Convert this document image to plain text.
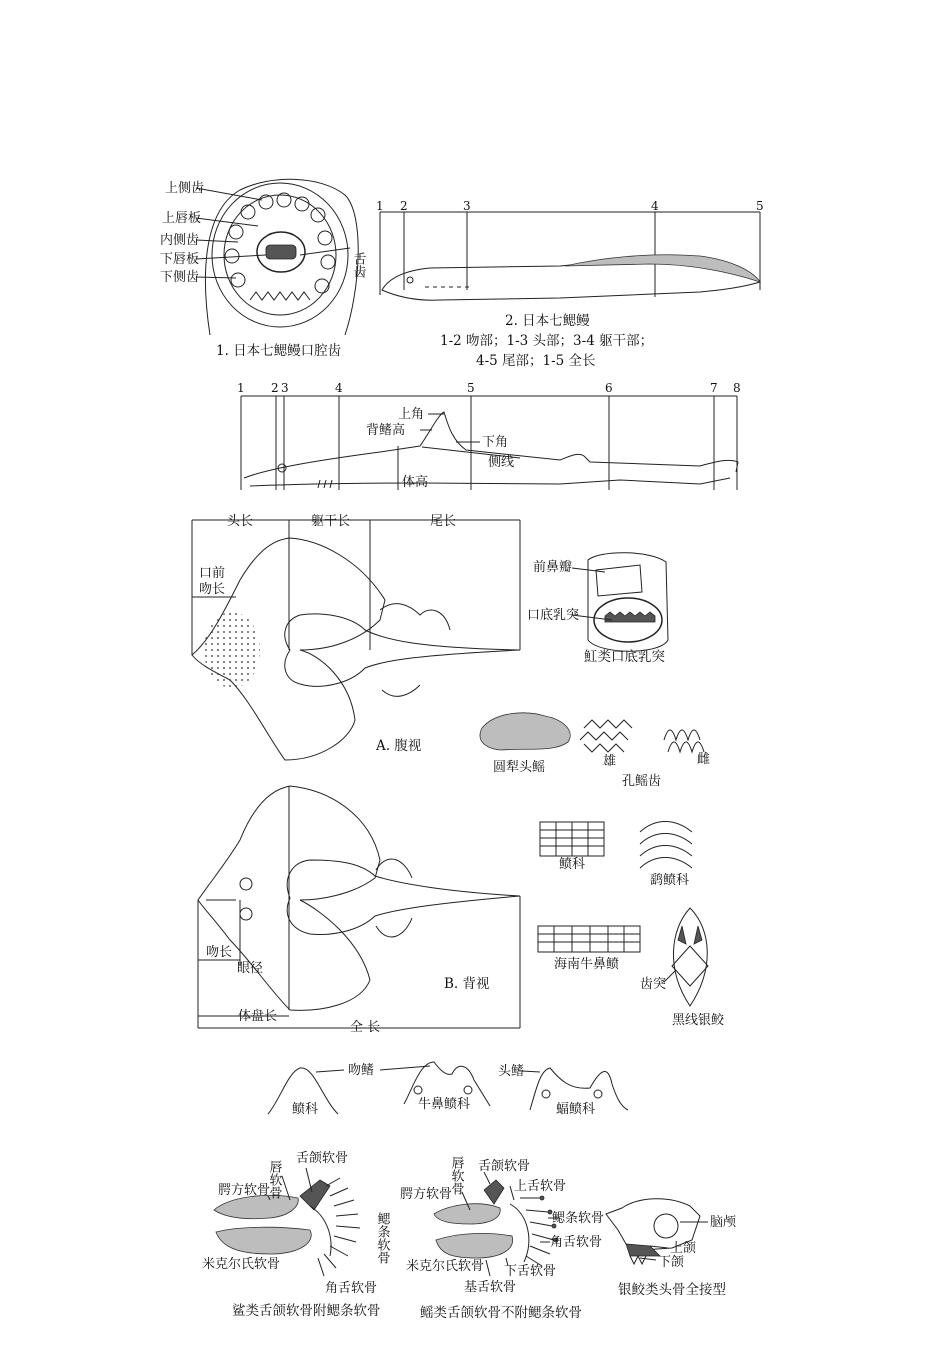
上侧齿
上唇板
内侧齿
下唇板
下侧齿	舌齿
1. 日本七鳃鳗口腔齿
1 2	3	4	5
2. 日本七鳃鳗
1-2 吻部；1-3 头部；3-4 躯干部；
4-5 尾部；1-5 全长
1 2 3	4	5	6	7 8
上角
背鳍高
下角
侧线
体高
头长	躯干长	尾长
口前
吻长
A. 腹视
前鼻瓣
口底乳突
魟类口底乳突
圆犁头鳐	雄	雌
孔鳐齿
鲼科
鹞鲼科
海南牛鼻鲼
齿突
黑线银鲛
吻长
眼径
B. 背视
体盘长
全 长
吻鳍	头鳍
鲼科	牛鼻鲼科	蝠鲼科
唇软骨
舌颌软骨
腭方软骨
鳃条软骨
米克尔氏软骨
角舌软骨
鲨类舌颌软骨附鳃条软骨
唇软骨 舌颌软骨
腭方软骨
上舌软骨
鳃条软骨
角舌软骨
米克尔氏软骨 下舌软骨
基舌软骨
鳐类舌颌软骨不附鳃条软骨
脑颅
上颌
下颌
银鲛类头骨全接型
